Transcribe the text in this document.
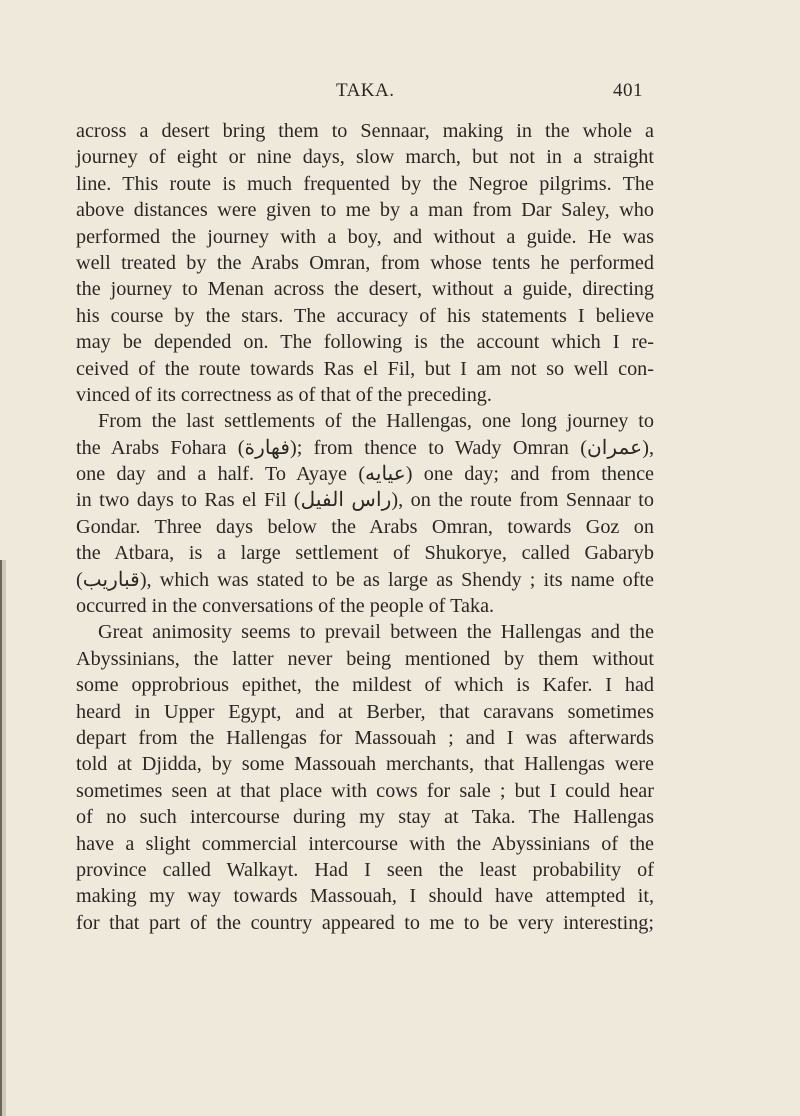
TAKA.	401
across a desert bring them to Sennaar, making in the whole a
journey of eight or nine days, slow march, but not in a straight
line. This route is much frequented by the Negroe pilgrims. The
above distances were given to me by a man from Dar Saley, who
performed the journey with a boy, and without a guide. He was
well treated by the Arabs Omran, from whose tents he performed
the journey to Menan across the desert, without a guide, directing
his course by the stars. The accuracy of his statements I believe
may be depended on. The following is the account which I re-
ceived of the route towards Ras el Fil, but I am not so well con-
vinced of its correctness as of that of the preceding.
From the last settlements of the Hallengas, one long journey to
the Arabs Fohara (فهارة); from thence to Wady Omran (عمران),
one day and a half. To Ayaye (عيايه) one day; and from thence
in two days to Ras el Fil (راس الفيل), on the route from Sennaar to
Gondar. Three days below the Arabs Omran, towards Goz on
the Atbara, is a large settlement of Shukorye, called Gabaryb
(قباريب), which was stated to be as large as Shendy ; its name ofte
occurred in the conversations of the people of Taka.
Great animosity seems to prevail between the Hallengas and the
Abyssinians, the latter never being mentioned by them without
some opprobrious epithet, the mildest of which is Kafer. I had
heard in Upper Egypt, and at Berber, that caravans sometimes
depart from the Hallengas for Massouah ; and I was afterwards
told at Djidda, by some Massouah merchants, that Hallengas were
sometimes seen at that place with cows for sale ; but I could hear
of no such intercourse during my stay at Taka. The Hallengas
have a slight commercial intercourse with the Abyssinians of the
province called Walkayt. Had I seen the least probability of
making my way towards Massouah, I should have attempted it,
for that part of the country appeared to me to be very interesting;
